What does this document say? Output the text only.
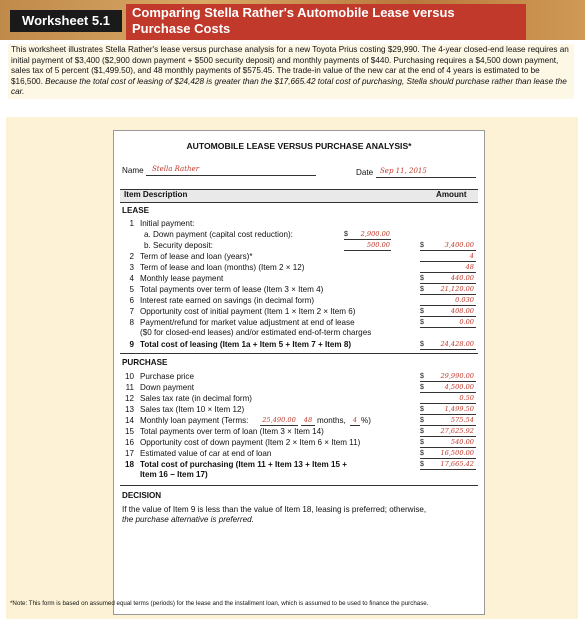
Worksheet 5.1
Comparing Stella Rather's Automobile Lease versus
Purchase Costs
This worksheet illustrates Stella Rather's lease versus purchase analysis for a new Toyota Prius costing $29,990. The 4-year closed-end lease requires an initial payment of $3,400 ($2,900 down payment + $500 security deposit) and monthly payments of $440. Purchasing requires a $4,500 down payment, sales tax of 5 percent ($1,499.50), and 48 monthly payments of $575.45. The trade-in value of the new car at the end of 4 years is estimated to be $16,500. Because the total cost of leasing of $24,428 is greater than the $17,665.42 total cost of purchasing, Stella should purchase rather than lease the car.
AUTOMOBILE LEASE VERSUS PURCHASE ANALYSIS*
Name Stella Rather	Date Sep 11, 2015
Item Description	Amount
LEASE
1 Initial payment:
a. Down payment (capital cost reduction):	$	2,900.00
b. Security deposit:	500.00	$	3,400.00
2 Term of lease and loan (years)*	4
3 Term of lease and loan (months) (Item 2 × 12)	48
4 Monthly lease payment	$	440.00
5 Total payments over term of lease (Item 3 × Item 4)	$	21,120.00
6 Interest rate earned on savings (in decimal form)	0.030
7 Opportunity cost of initial payment (Item 1 × Item 2 × Item 6)	$	408.00
8 Payment/refund for market value adjustment at end of lease
($0 for closed-end leases) and/or estimated end-of-term charges
$	0.00
9 Total cost of leasing (Item 1a + Item 5 + Item 7 + Item 8)	$	24,428.00
PURCHASE
10 Purchase price	$	29,990.00
11 Down payment	$	4,500.00
12 Sales tax rate (in decimal form)	0.50
13 Sales tax (Item 10 × Item 12)	$	1,499.50
14 Monthly loan payment (Terms:	25,490.00	48 months,	4 %)	$	575.54
15 Total payments over term of loan (Item 3 × Item 14)	$	27,625.92
16 Opportunity cost of down payment (Item 2 × Item 6 × Item 11)	$	540.00
17 Estimated value of car at end of loan	$	16,500.00
18 Total cost of purchasing (Item 11 + Item 13 + Item 15 +
Item 16 − Item 17)
$	17,665.42
DECISION
If the value of Item 9 is less than the value of Item 18, leasing is preferred; otherwise,
the purchase alternative is preferred.
*Note: This form is based on assumed equal terms (periods) for the lease and the installment loan, which is assumed to be used to finance the purchase.
